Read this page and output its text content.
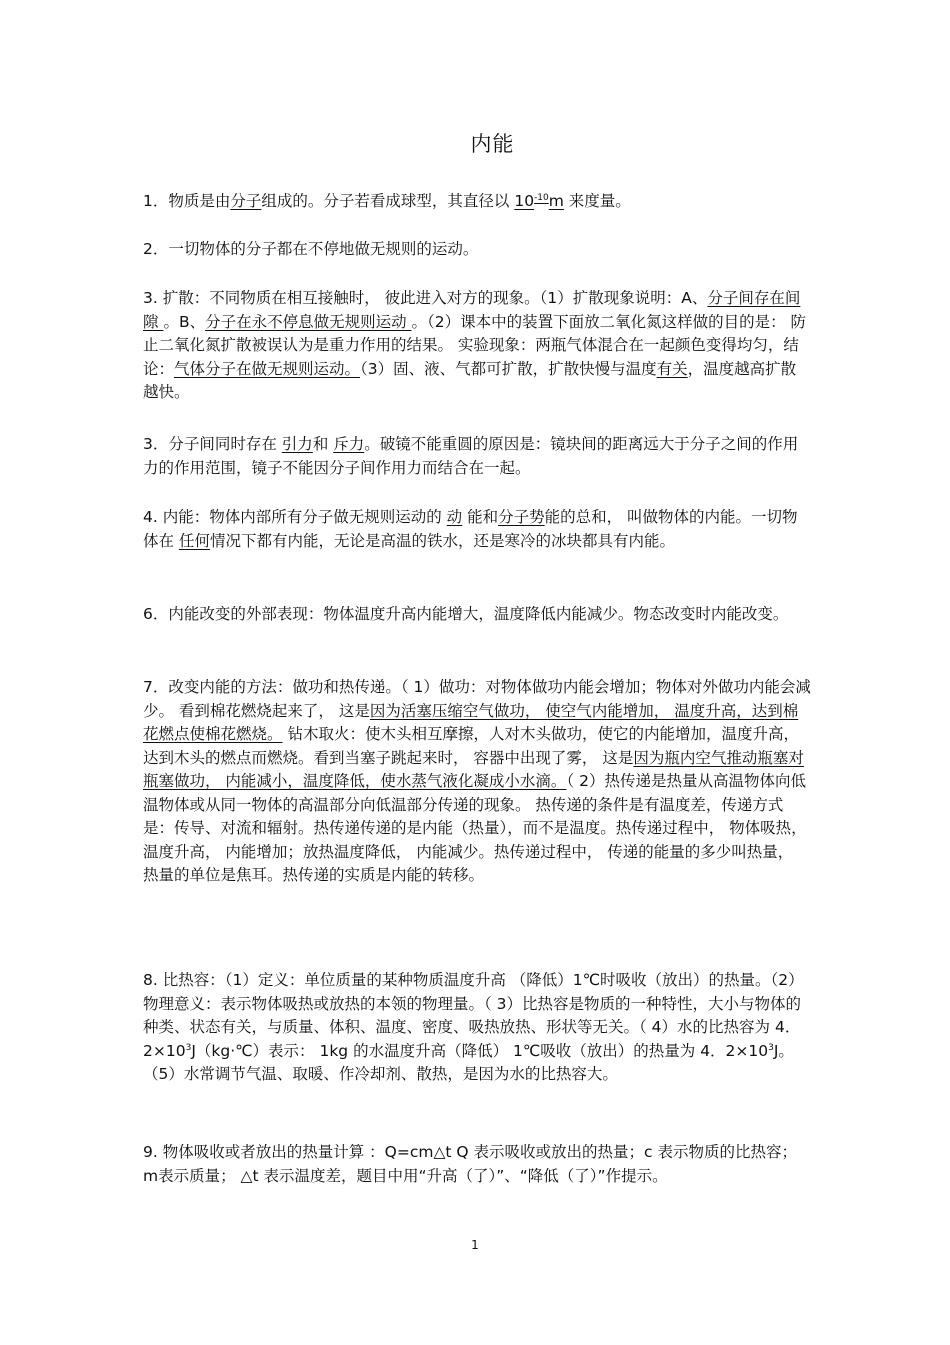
内能

1．物质是由分子组成的。分子若看成球型，其直径以 $10^{-10}m$ 来度量。

2．一切物体的分子都在不停地做无规则的运动。

3. 扩散：不同物质在相互接触时， 彼此进入对方的现象。（1）扩散现象说明：A、分子间存在间隙 。B、分子在永不停息做无规则运动 。（2）课本中的装置下面放二氧化氮这样做的目的是： 防止二氧化氮扩散被误认为是重力作用的结果。 实验现象：两瓶气体混合在一起颜色变得均匀，结论：气体分子在做无规则运动。（3）固、液、气都可扩散，扩散快慢与温度有关，温度越高扩散越快。

3．分子间同时存在 引力和 斥力。破镜不能重圆的原因是：镜块间的距离远大于分子之间的作用力的作用范围，镜子不能因分子间作用力而结合在一起。

4. 内能：物体内部所有分子做无规则运动的 动 能和分子势能的总和， 叫做物体的内能。一切物体在 任何情况下都有内能，无论是高温的铁水，还是寒冷的冰块都具有内能。

6．内能改变的外部表现：物体温度升高内能增大，温度降低内能减少。物态改变时内能改变。

7．改变内能的方法：做功和热传递。（ 1）做功：对物体做功内能会增加；物体对外做功内能会减少。 看到棉花燃烧起来了， 这是因为活塞压缩空气做功， 使空气内能增加， 温度升高，达到棉花燃点使棉花燃烧。 钻木取火：使木头相互摩擦，人对木头做功，使它的内能增加，温度升高，达到木头的燃点而燃烧。看到当塞子跳起来时， 容器中出现了雾， 这是因为瓶内空气推动瓶塞对瓶塞做功， 内能减小，温度降低，使水蒸气液化凝成小水滴。（ 2）热传递是热量从高温物体向低温物体或从同一物体的高温部分向低温部分传递的现象。 热传递的条件是有温度差，传递方式是：传导、对流和辐射。热传递传递的是内能（热量），而不是温度。热传递过程中， 物体吸热， 温度升高， 内能增加；放热温度降低， 内能减少。热传递过程中， 传递的能量的多少叫热量， 热量的单位是焦耳。热传递的实质是内能的转移。

8. 比热容：（1）定义：单位质量的某种物质温度升高 （降低）1℃时吸收（放出）的热量。（2）物理意义：表示物体吸热或放热的本领的物理量。（ 3）比热容是物质的一种特性，大小与物体的种类、状态有关，与质量、体积、温度、密度、吸热放热、形状等无关。（ 4）水的比热容为 4．$2\times 10^3J(kg\cdot℃)$表示： 1kg 的水温度升高（降低） 1℃吸收（放出）的热量为 4．$2\times 10^3J$。（5）水常调节气温、取暖、作冷却剂、散热，是因为水的比热容大。

9. 物体吸收或者放出的热量计算 ：Q=cm△t Q 表示吸收或放出的热量；c 表示物质的比热容； m表示质量； △t 表示温度差，题目中用“升高（了）”、“降低（了）”作提示。

1
